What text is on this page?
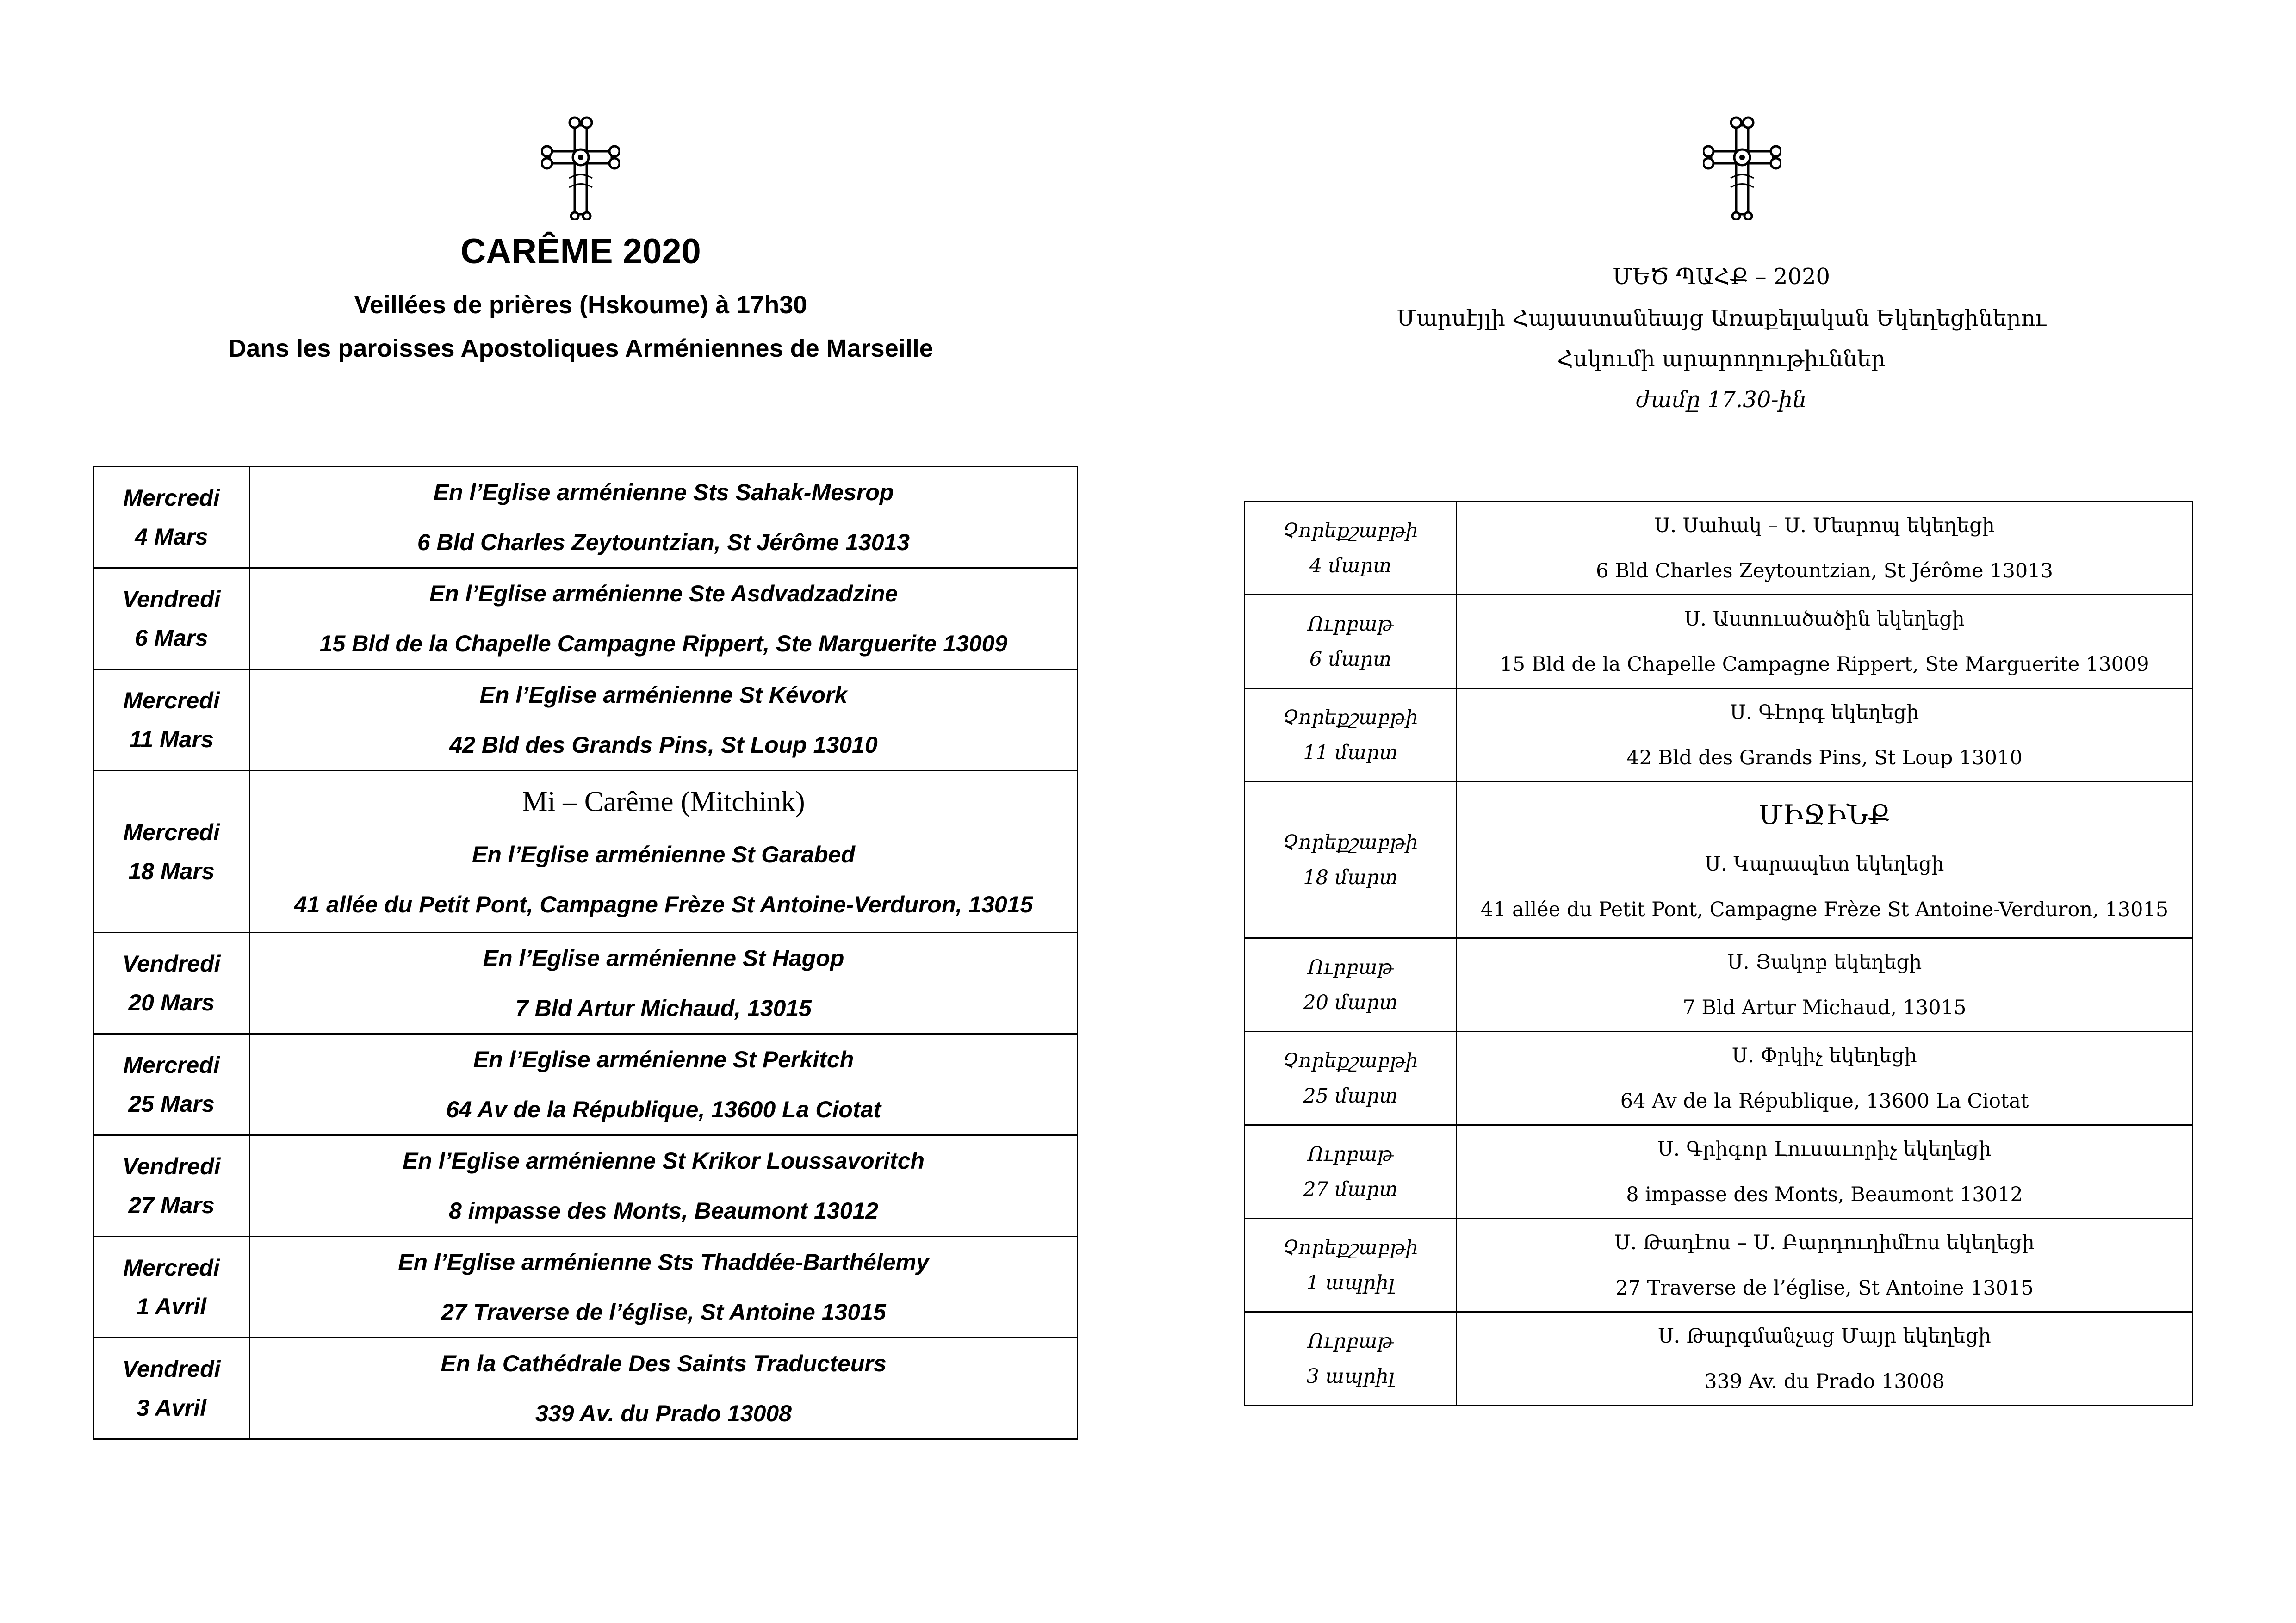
CARÊME 2020
Veillées de prières (Hskoume) à 17h30
Dans les paroisses Apostoliques Arméniennes de Marseille
Mercredi
4 Mars	En l’Eglise arménienne Sts Sahak-Mesrop
6 Bld Charles Zeytountzian, St Jérôme 13013

Vendredi
6 Mars	En l’Eglise arménienne Ste Asdvadzadzine
15 Bld de la Chapelle Campagne Rippert, Ste Marguerite 13009

Mercredi
11 Mars	En l’Eglise arménienne St Kévork
42 Bld des Grands Pins, St Loup 13010

Mercredi
18 Mars	Mi – Carême (Mitchink)
En l’Eglise arménienne St Garabed
41 allée du Petit Pont, Campagne Frèze St Antoine-Verduron, 13015

Vendredi
20 Mars	En l’Eglise arménienne St Hagop
7 Bld Artur Michaud, 13015

Mercredi
25 Mars	En l’Eglise arménienne St Perkitch
64 Av de la République, 13600 La Ciotat

Vendredi
27 Mars	En l’Eglise arménienne St Krikor Loussavoritch
8 impasse des Monts, Beaumont 13012

Mercredi
1 Avril	En l’Eglise arménienne Sts Thaddée-Barthélemy
27 Traverse de l’église, St Antoine 13015

Vendredi
3 Avril	En la Cathédrale Des Saints Traducteurs
339 Av. du Prado 13008
ՄԵԾ ՊԱՀՔ – 2020
Մարսէյլի Հայաստանեայց Առաքելական Եկեղեցիներու
Հսկումի արարողութիւններ
ժամը 17.30-ին
Չորեքշաբթի
4 մարտ	Ս. Սահակ – Ս. Մեսրոպ եկեղեցի
6 Bld Charles Zeytountzian, St Jérôme 13013

Ուրբաթ
6 մարտ	Ս. Աստուածածին եկեղեցի
15 Bld de la Chapelle Campagne Rippert, Ste Marguerite 13009

Չորեքշաբթի
11 մարտ	Ս. Գէորգ եկեղեցի
42 Bld des Grands Pins, St Loup 13010

Չորեքշաբթի
18 մարտ	ՄԻՋԻՆՔ
Ս. Կարապետ եկեղեցի
41 allée du Petit Pont, Campagne Frèze St Antoine-Verduron, 13015

Ուրբաթ
20 մարտ	Ս. Յակոբ եկեղեցի
7 Bld Artur Michaud, 13015

Չորեքշաբթի
25 մարտ	Ս. Փրկիչ եկեղեցի
64 Av de la République, 13600 La Ciotat

Ուրբաթ
27 մարտ	Ս. Գրիգոր Լուսաւորիչ եկեղեցի
8 impasse des Monts, Beaumont 13012

Չորեքշաբթի
1 ապրիլ	Ս. Թադէոս – Ս. Բարդուղիմէոս եկեղեցի
27 Traverse de l’église, St Antoine 13015

Ուրբաթ
3 ապրիլ	Ս. Թարգմանչաց Մայր եկեղեցի
339 Av. du Prado 13008
